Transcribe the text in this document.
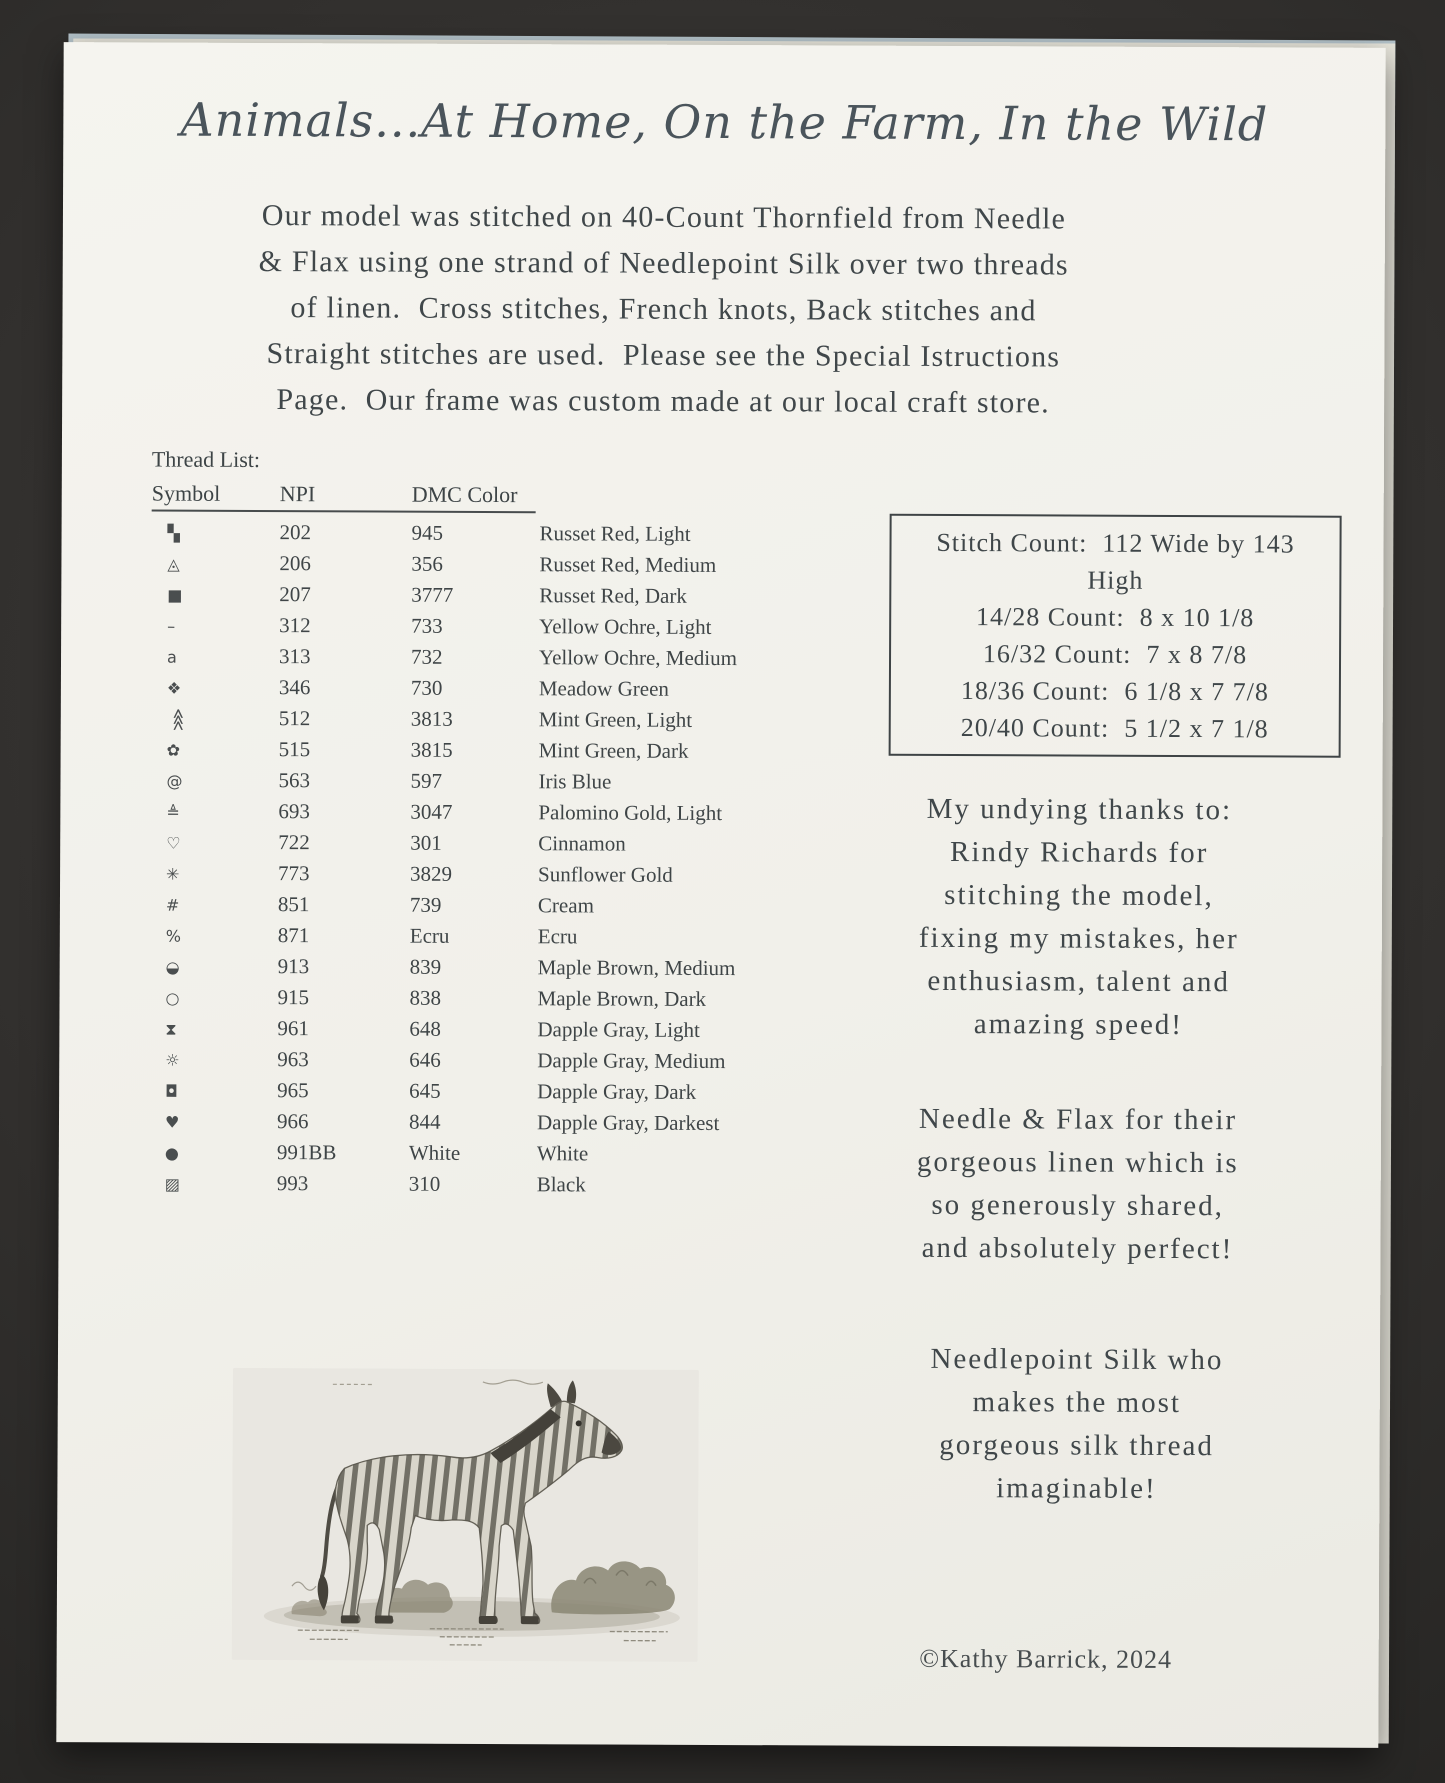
Animals...At Home, On the Farm, In the Wild
Our model was stitched on 40-Count Thornfield from Needle
& Flax using one strand of Needlepoint Silk over two threads
of linen.  Cross stitches, French knots, Back stitches and
Straight stitches are used.  Please see the Special Istructions
Page.  Our frame was custom made at our local craft store.
Thread List:
Symbol	NPI	DMC Color
▚	202	945	Russet Red, Light
◬	206	356	Russet Red, Medium
■	207	3777	Russet Red, Dark
–	312	733	Yellow Ochre, Light
a	313	732	Yellow Ochre, Medium
❖	346	730	Meadow Green
⋘	512	3813	Mint Green, Light
✿	515	3815	Mint Green, Dark
@	563	597	Iris Blue
≜	693	3047	Palomino Gold, Light
♡	722	301	Cinnamon
✳	773	3829	Sunflower Gold
#	851	739	Cream
%	871	Ecru	Ecru
◒	913	839	Maple Brown, Medium
○	915	838	Maple Brown, Dark
⧗	961	648	Dapple Gray, Light
☼	963	646	Dapple Gray, Medium
◘	965	645	Dapple Gray, Dark
♥	966	844	Dapple Gray, Darkest
●	991BB	White	White
▨	993	310	Black
Stitch Count:  112 Wide by 143
High
14/28 Count:  8 x 10 1/8
16/32 Count:  7 x 8 7/8
18/36 Count:  6 1/8 x 7 7/8
20/40 Count:  5 1/2 x 7 1/8
My undying thanks to:
Rindy Richards for
stitching the model,
fixing my mistakes, her
enthusiasm, talent and
amazing speed!
Needle & Flax for their
gorgeous linen which is
so generously shared,
and absolutely perfect!
Needlepoint Silk who
makes the most
gorgeous silk thread
imaginable!
©Kathy Barrick, 2024
